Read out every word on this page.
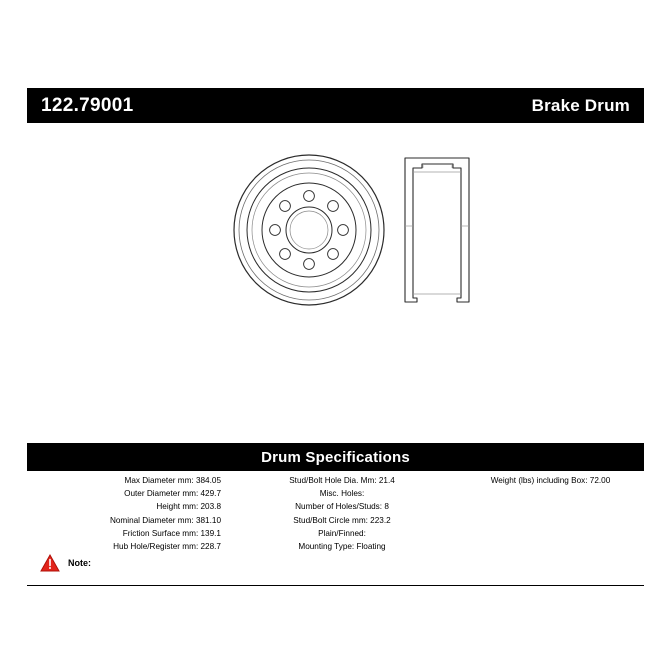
122.79001	Brake Drum
Drum Specifications
Max Diameter mm: 384.05
Outer Diameter mm: 429.7
Height mm: 203.8
Nominal Diameter mm: 381.10
Friction Surface mm: 139.1
Hub Hole/Register mm: 228.7
Stud/Bolt Hole Dia. Mm: 21.4
Misc. Holes:
Number of Holes/Studs: 8
Stud/Bolt Circle mm: 223.2
Plain/Finned:
Mounting Type: Floating
Weight (lbs) including Box: 72.00
Note:
